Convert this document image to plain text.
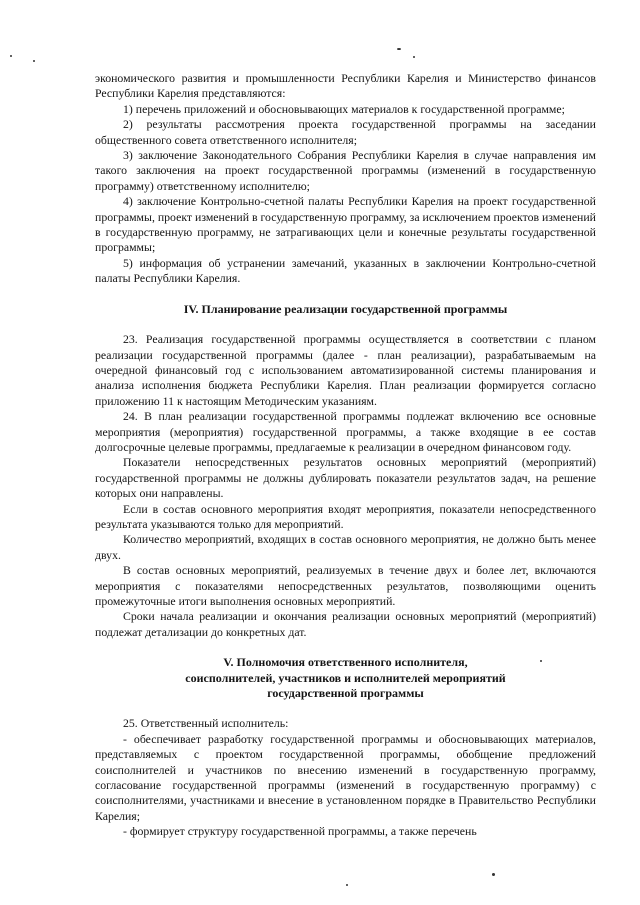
экономического развития и промышленности Республики Карелия и Министерство финансов Республики Карелия представляются:

1) перечень приложений и обосновывающих материалов к государственной программе;

2) результаты рассмотрения проекта государственной программы на заседании общественного совета ответственного исполнителя;

3) заключение Законодательного Собрания Республики Карелия в случае направления им такого заключения на проект государственной программы (изменений в государственную программу) ответственному исполнителю;

4) заключение Контрольно-счетной палаты Республики Карелия на проект государственной программы, проект изменений в государственную программу, за исключением проектов изменений в государственную программу, не затрагивающих цели и конечные результаты государственной программы;

5) информация об устранении замечаний, указанных в заключении Контрольно-счетной палаты Республики Карелия.

IV. Планирование реализации государственной программы

23. Реализация государственной программы осуществляется в соответствии с планом реализации государственной программы (далее - план реализации), разрабатываемым на очередной финансовый год с использованием автоматизированной системы планирования и анализа исполнения бюджета Республики Карелия. План реализации формируется согласно приложению 11 к настоящим Методическим указаниям.

24. В план реализации государственной программы подлежат включению все основные мероприятия (мероприятия) государственной программы, а также входящие в ее состав долгосрочные целевые программы, предлагаемые к реализации в очередном финансовом году.

Показатели непосредственных результатов основных мероприятий (мероприятий) государственной программы не должны дублировать показатели результатов задач, на решение которых они направлены.

Если в состав основного мероприятия входят мероприятия, показатели непосредственного результата указываются только для мероприятий.

Количество мероприятий, входящих в состав основного мероприятия, не должно быть менее двух.

В состав основных мероприятий, реализуемых в течение двух и более лет, включаются мероприятия с показателями непосредственных результатов, позволяющими оценить промежуточные итоги выполнения основных мероприятий.

Сроки начала реализации и окончания реализации основных мероприятий (мероприятий) подлежат детализации до конкретных дат.

V. Полномочия ответственного исполнителя,

соисполнителей, участников и исполнителей мероприятий

государственной программы

25. Ответственный исполнитель:

- обеспечивает разработку государственной программы и обосновывающих материалов, представляемых с проектом государственной программы, обобщение предложений соисполнителей и участников по внесению изменений в государственную программу, согласование государственной программы (изменений в государственную программу) с соисполнителями, участниками и внесение в установленном порядке в Правительство Республики Карелия;

- формирует структуру государственной программы, а также перечень
